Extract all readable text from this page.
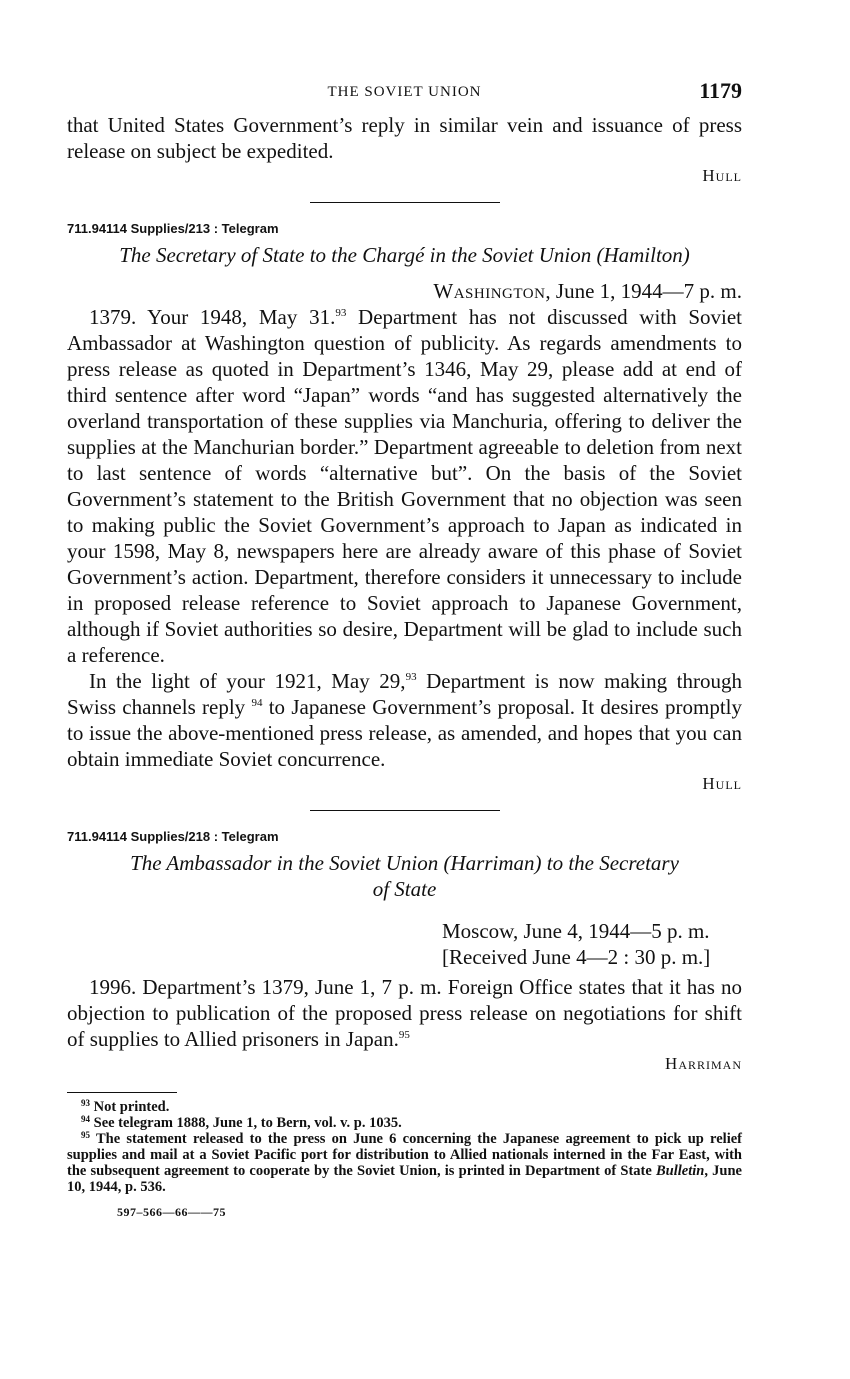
THE SOVIET UNION	1179

that United States Government’s reply in similar vein and issuance of press release on subject be expedited.

Hull

711.94114 Supplies/213 : Telegram

The Secretary of State to the Chargé in the Soviet Union (Hamilton)

Washington, June 1, 1944—7 p. m.

1379. Your 1948, May 31.93 Department has not discussed with Soviet Ambassador at Washington question of publicity. As regards amendments to press release as quoted in Department’s 1346, May 29, please add at end of third sentence after word “Japan” words “and has suggested alternatively the overland transportation of these supplies via Manchuria, offering to deliver the supplies at the Manchurian border.” Department agreeable to deletion from next to last sentence of words “alternative but”. On the basis of the Soviet Government’s statement to the British Government that no objection was seen to making public the Soviet Government’s approach to Japan as indicated in your 1598, May 8, newspapers here are already aware of this phase of Soviet Government’s action. Department, therefore considers it unnecessary to include in proposed release reference to Soviet approach to Japanese Government, although if Soviet authorities so desire, Department will be glad to include such a reference.

In the light of your 1921, May 29,93 Department is now making through Swiss channels reply $^{94}$ to Japanese Government’s proposal. It desires promptly to issue the above-mentioned press release, as amended, and hopes that you can obtain immediate Soviet concurrence.

Hull

711.94114 Supplies/218 : Telegram

The Ambassador in the Soviet Union (Harriman) to the Secretary
of State

Moscow, June 4, 1944—5 p. m.
[Received June 4—2 : 30 p. m.]

1996. Department’s 1379, June 1, 7 p. m. Foreign Office states that it has no objection to publication of the proposed press release on negotiations for shift of supplies to Allied prisoners in Japan.$^{95}$

Harriman

$^{93}$ Not printed.

$^{94}$ See telegram 1888, June 1, to Bern, vol. v. p. 1035.

$^{95}$ The statement released to the press on June 6 concerning the Japanese agreement to pick up relief supplies and mail at a Soviet Pacific port for distribution to Allied nationals interned in the Far East, with the subsequent agreement to cooperate by the Soviet Union, is printed in Department of State Bulletin, June 10, 1944, p. 536.

597–566—66——75
